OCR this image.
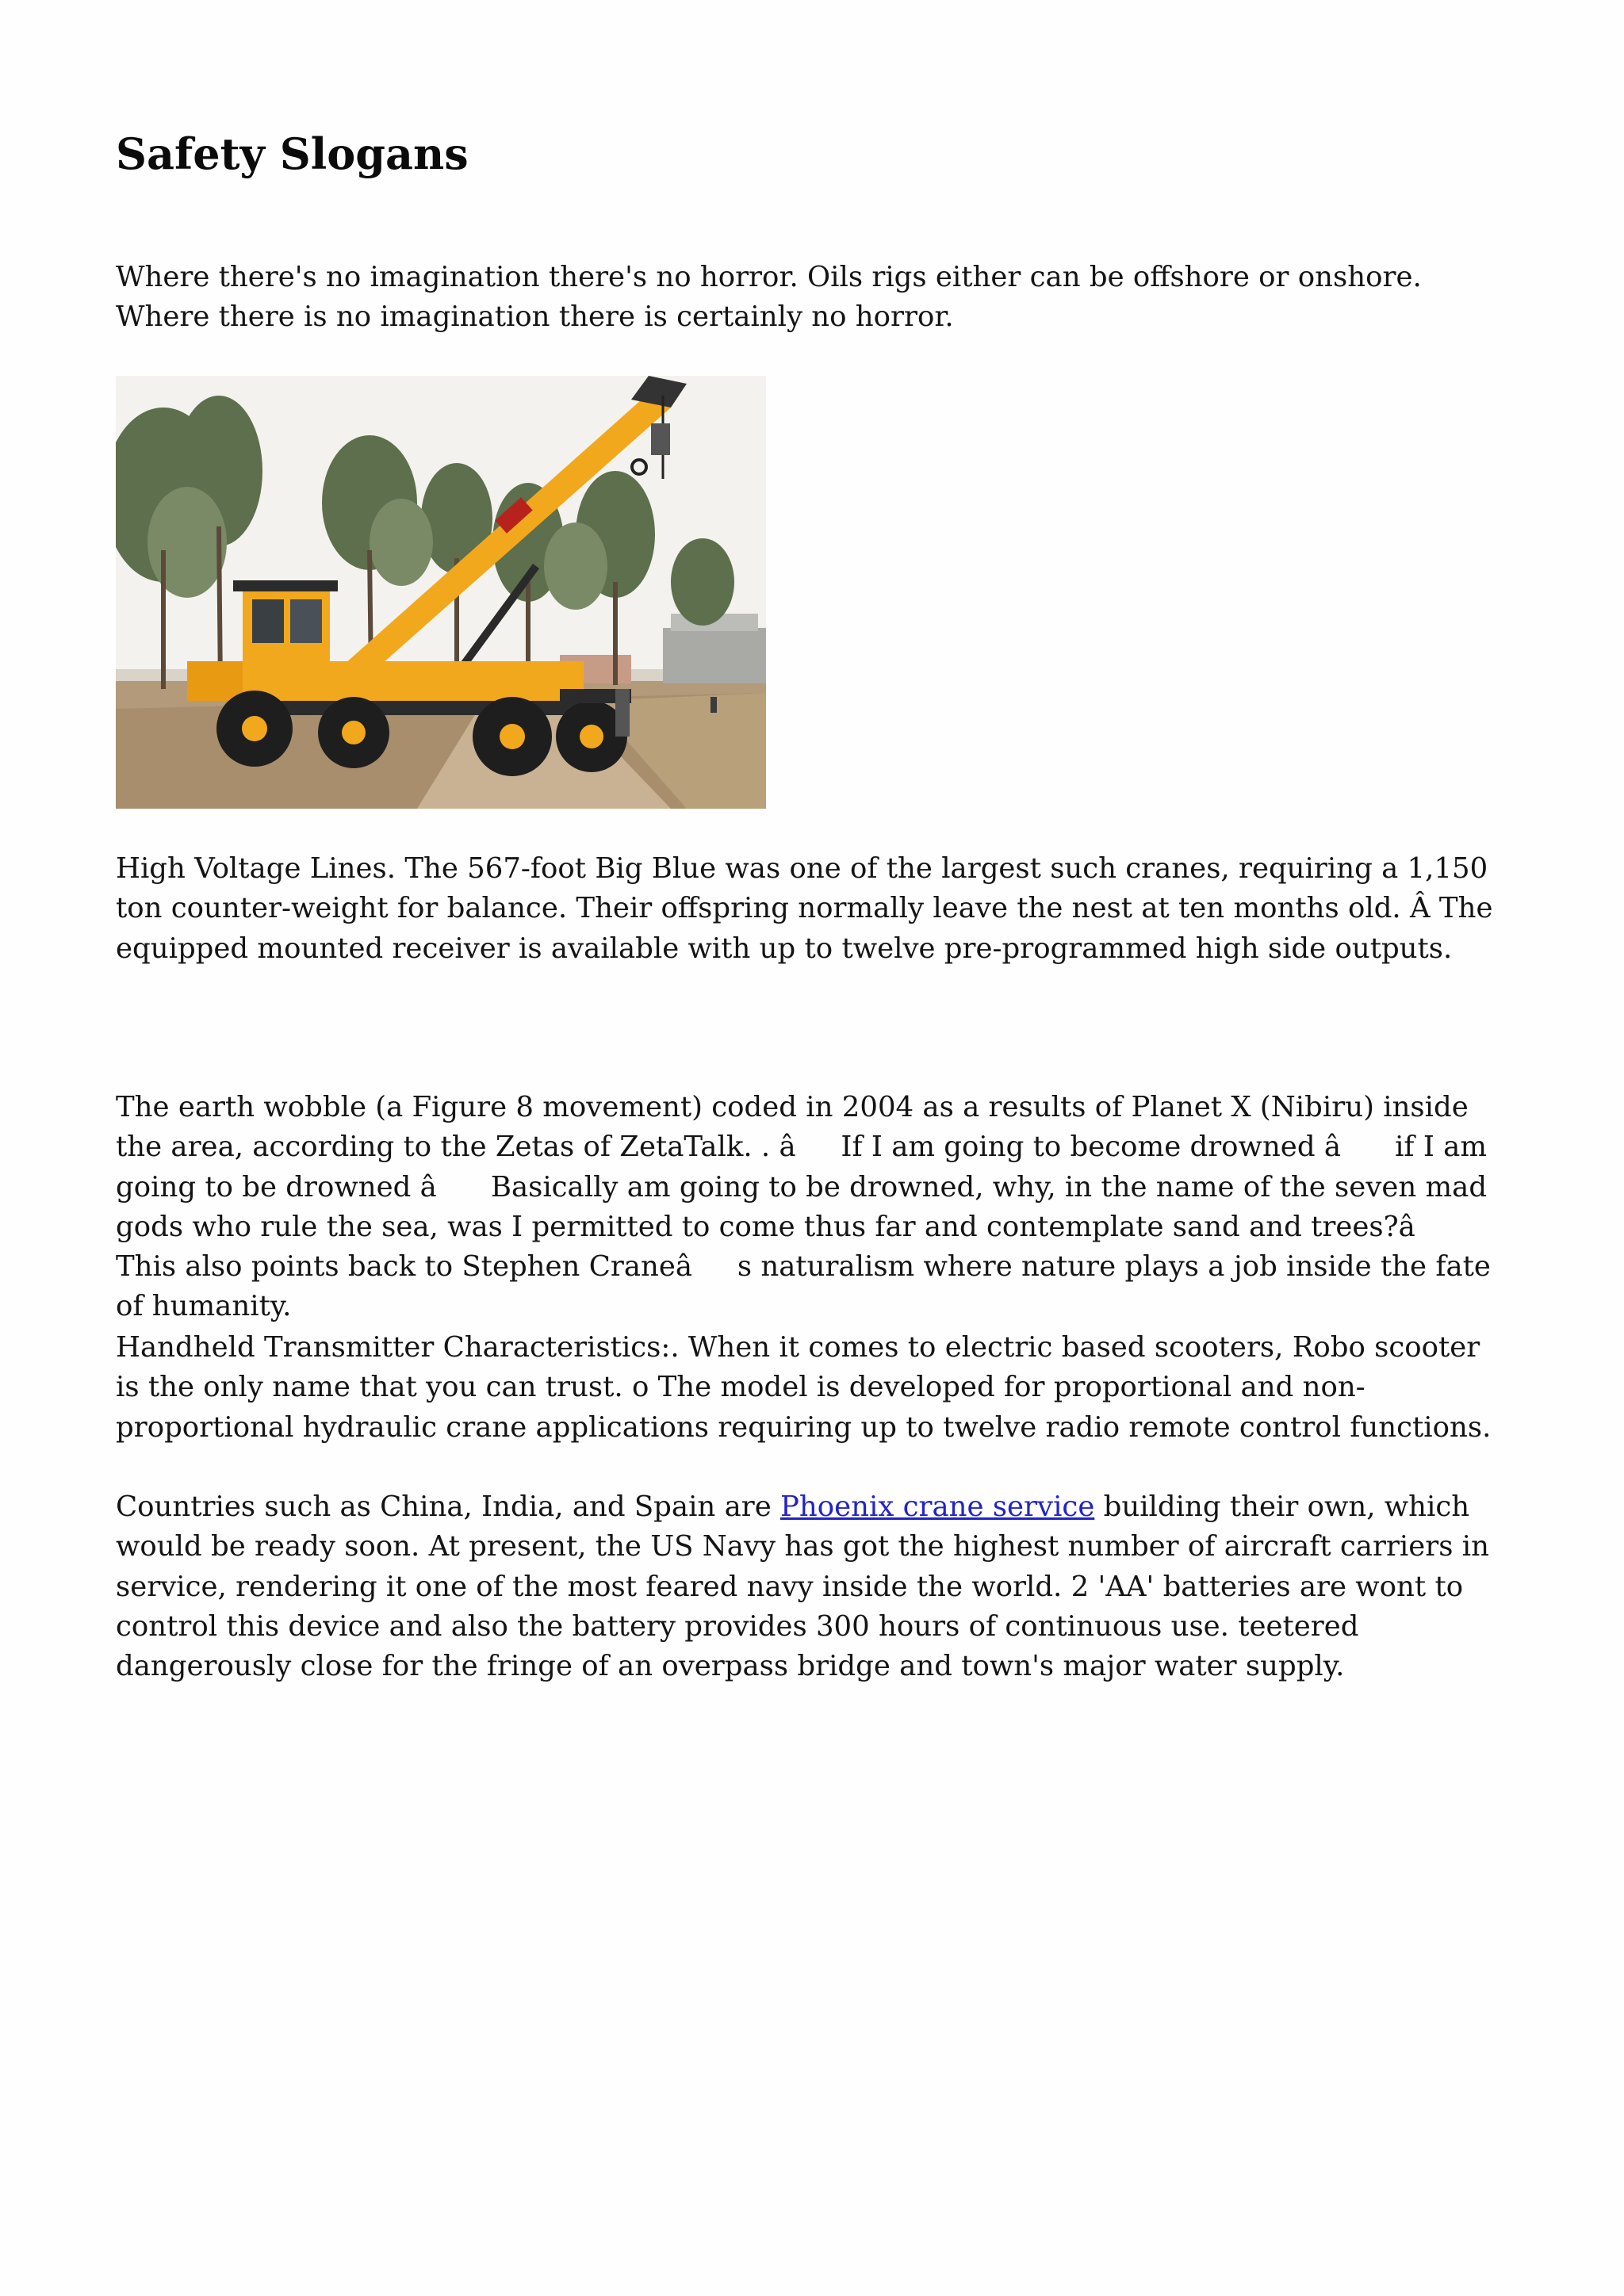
Safety Slogans

Where there's no imagination there's no horror. Oils rigs either can be offshore or onshore. Where there is no imagination there is certainly no horror.

High Voltage Lines. The 567-foot Big Blue was one of the largest such cranes, requiring a 1,150 ton counter-weight for balance. Their offspring normally leave the nest at ten months old. Â The equipped mounted receiver is available with up to twelve pre-programmed high side outputs.

The earth wobble (a Figure 8 movement) coded in 2004 as a results of Planet X (Nibiru) inside the area, according to the Zetas of ZetaTalk. . âIf I am going to become drowned â if I am going to be drowned â Basically am going to be drowned, why, in the name of the seven mad gods who rule the sea, was I permitted to come thus far and contemplate sand and trees?â This also points back to Stephen Craneâs naturalism where nature plays a job inside the fate of humanity.

Handheld Transmitter Characteristics:. When it comes to electric based scooters, Robo scooter is the only name that you can trust. o The model is developed for proportional and non-proportional hydraulic crane applications requiring up to twelve radio remote control functions.

Countries such as China, India, and Spain are Phoenix crane service building their own, which would be ready soon. At present, the US Navy has got the highest number of aircraft carriers in service, rendering it one of the most feared navy inside the world. 2 'AA' batteries are wont to control this device and also the battery provides 300 hours of continuous use. teetered dangerously close for the fringe of an overpass bridge and town's major water supply.
